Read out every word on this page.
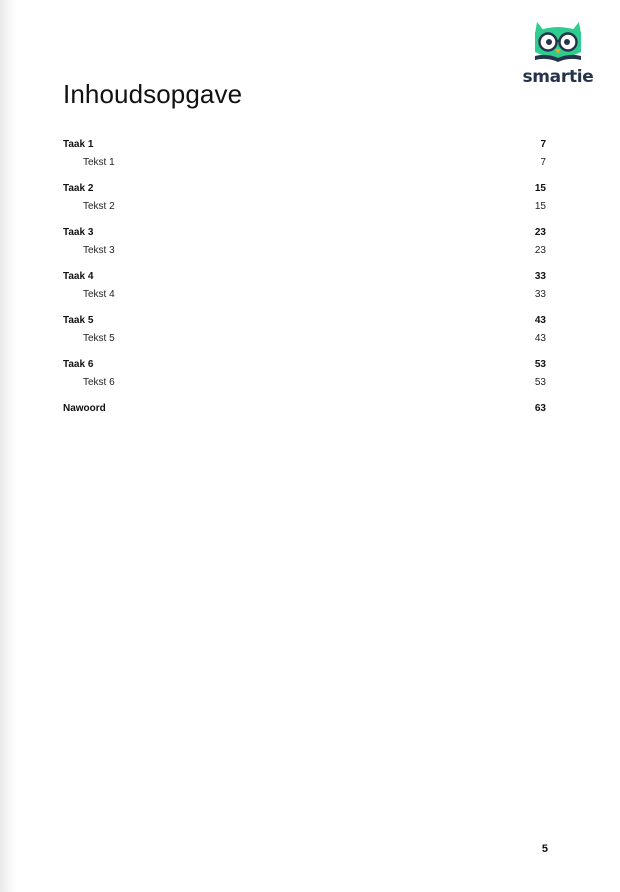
smartie
Inhoudsopgave
Taak 1	7
Tekst 1	7
Taak 2	15
Tekst 2	15
Taak 3	23
Tekst 3	23
Taak 4	33
Tekst 4	33
Taak 5	43
Tekst 5	43
Taak 6	53
Tekst 6	53
Nawoord	63
5
